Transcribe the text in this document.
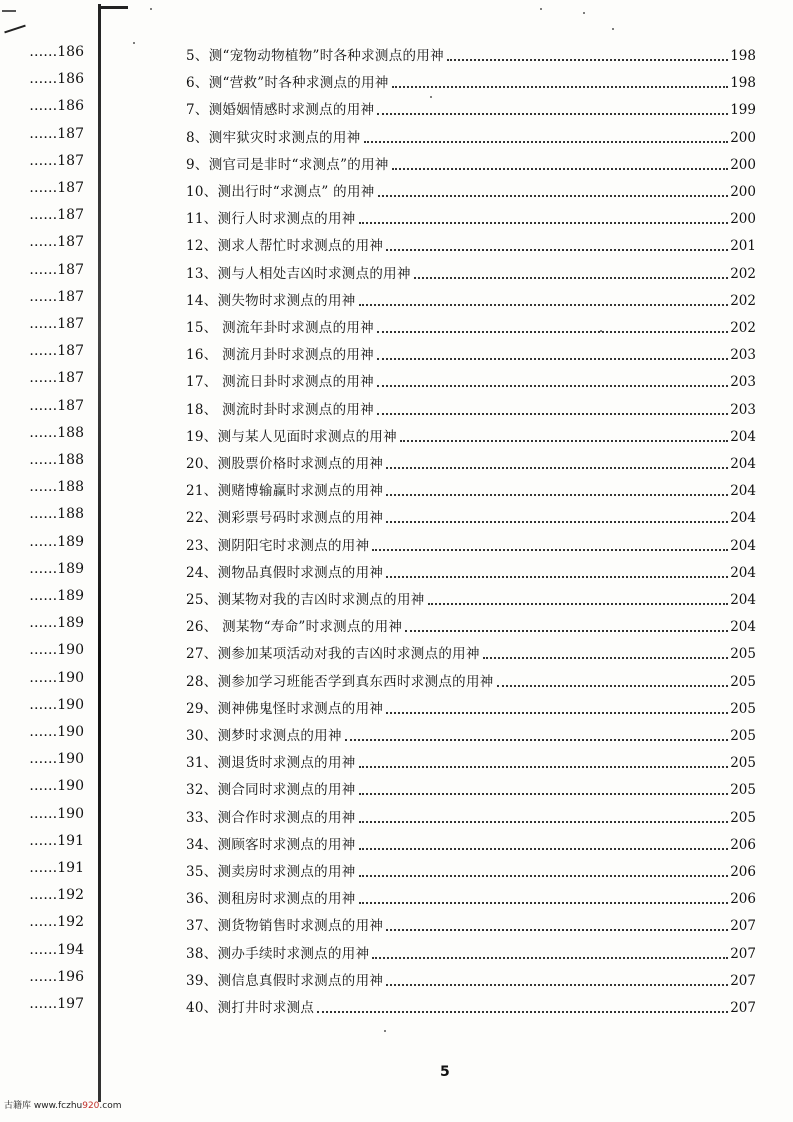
……186
……186
……186
……187
……187
……187
……187
……187
……187
……187
……187
……187
……187
……187
……188
……188
……188
……188
……189
……189
……189
……189
……190
……190
……190
……190
……190
……190
……190
……191
……191
……192
……192
……194
……196
……197
5、测“宠物动物植物”时各种求测点的用神	198
6、测“营救”时各种求测点的用神	198
7、测婚姻情感时求测点的用神	199
8、测牢狱灾时求测点的用神	200
9、测官司是非时“求测点”的用神	200
10、测出行时“求测点” 的用神	200
11、测行人时求测点的用神	200
12、测求人帮忙时求测点的用神	201
13、测与人相处吉凶时求测点的用神	202
14、测失物时求测点的用神	202
15、 测流年卦时求测点的用神	202
16、 测流月卦时求测点的用神	203
17、 测流日卦时求测点的用神	203
18、 测流时卦时求测点的用神	203
19、测与某人见面时求测点的用神	204
20、测股票价格时求测点的用神	204
21、测赌博输赢时求测点的用神	204
22、测彩票号码时求测点的用神	204
23、测阴阳宅时求测点的用神	204
24、测物品真假时求测点的用神	204
25、测某物对我的吉凶时求测点的用神	204
26、 测某物“寿命”时求测点的用神	204
27、测参加某项活动对我的吉凶时求测点的用神	205
28、测参加学习班能否学到真东西时求测点的用神	205
29、测神佛鬼怪时求测点的用神	205
30、测梦时求测点的用神	205
31、测退货时求测点的用神	205
32、测合同时求测点的用神	205
33、测合作时求测点的用神	205
34、测顾客时求测点的用神	206
35、测卖房时求测点的用神	206
36、测租房时求测点的用神	206
37、测货物销售时求测点的用神	207
38、测办手续时求测点的用神	207
39、测信息真假时求测点的用神	207
40、测打井时求测点	207
5
古籍库 www.fczhu920.com
